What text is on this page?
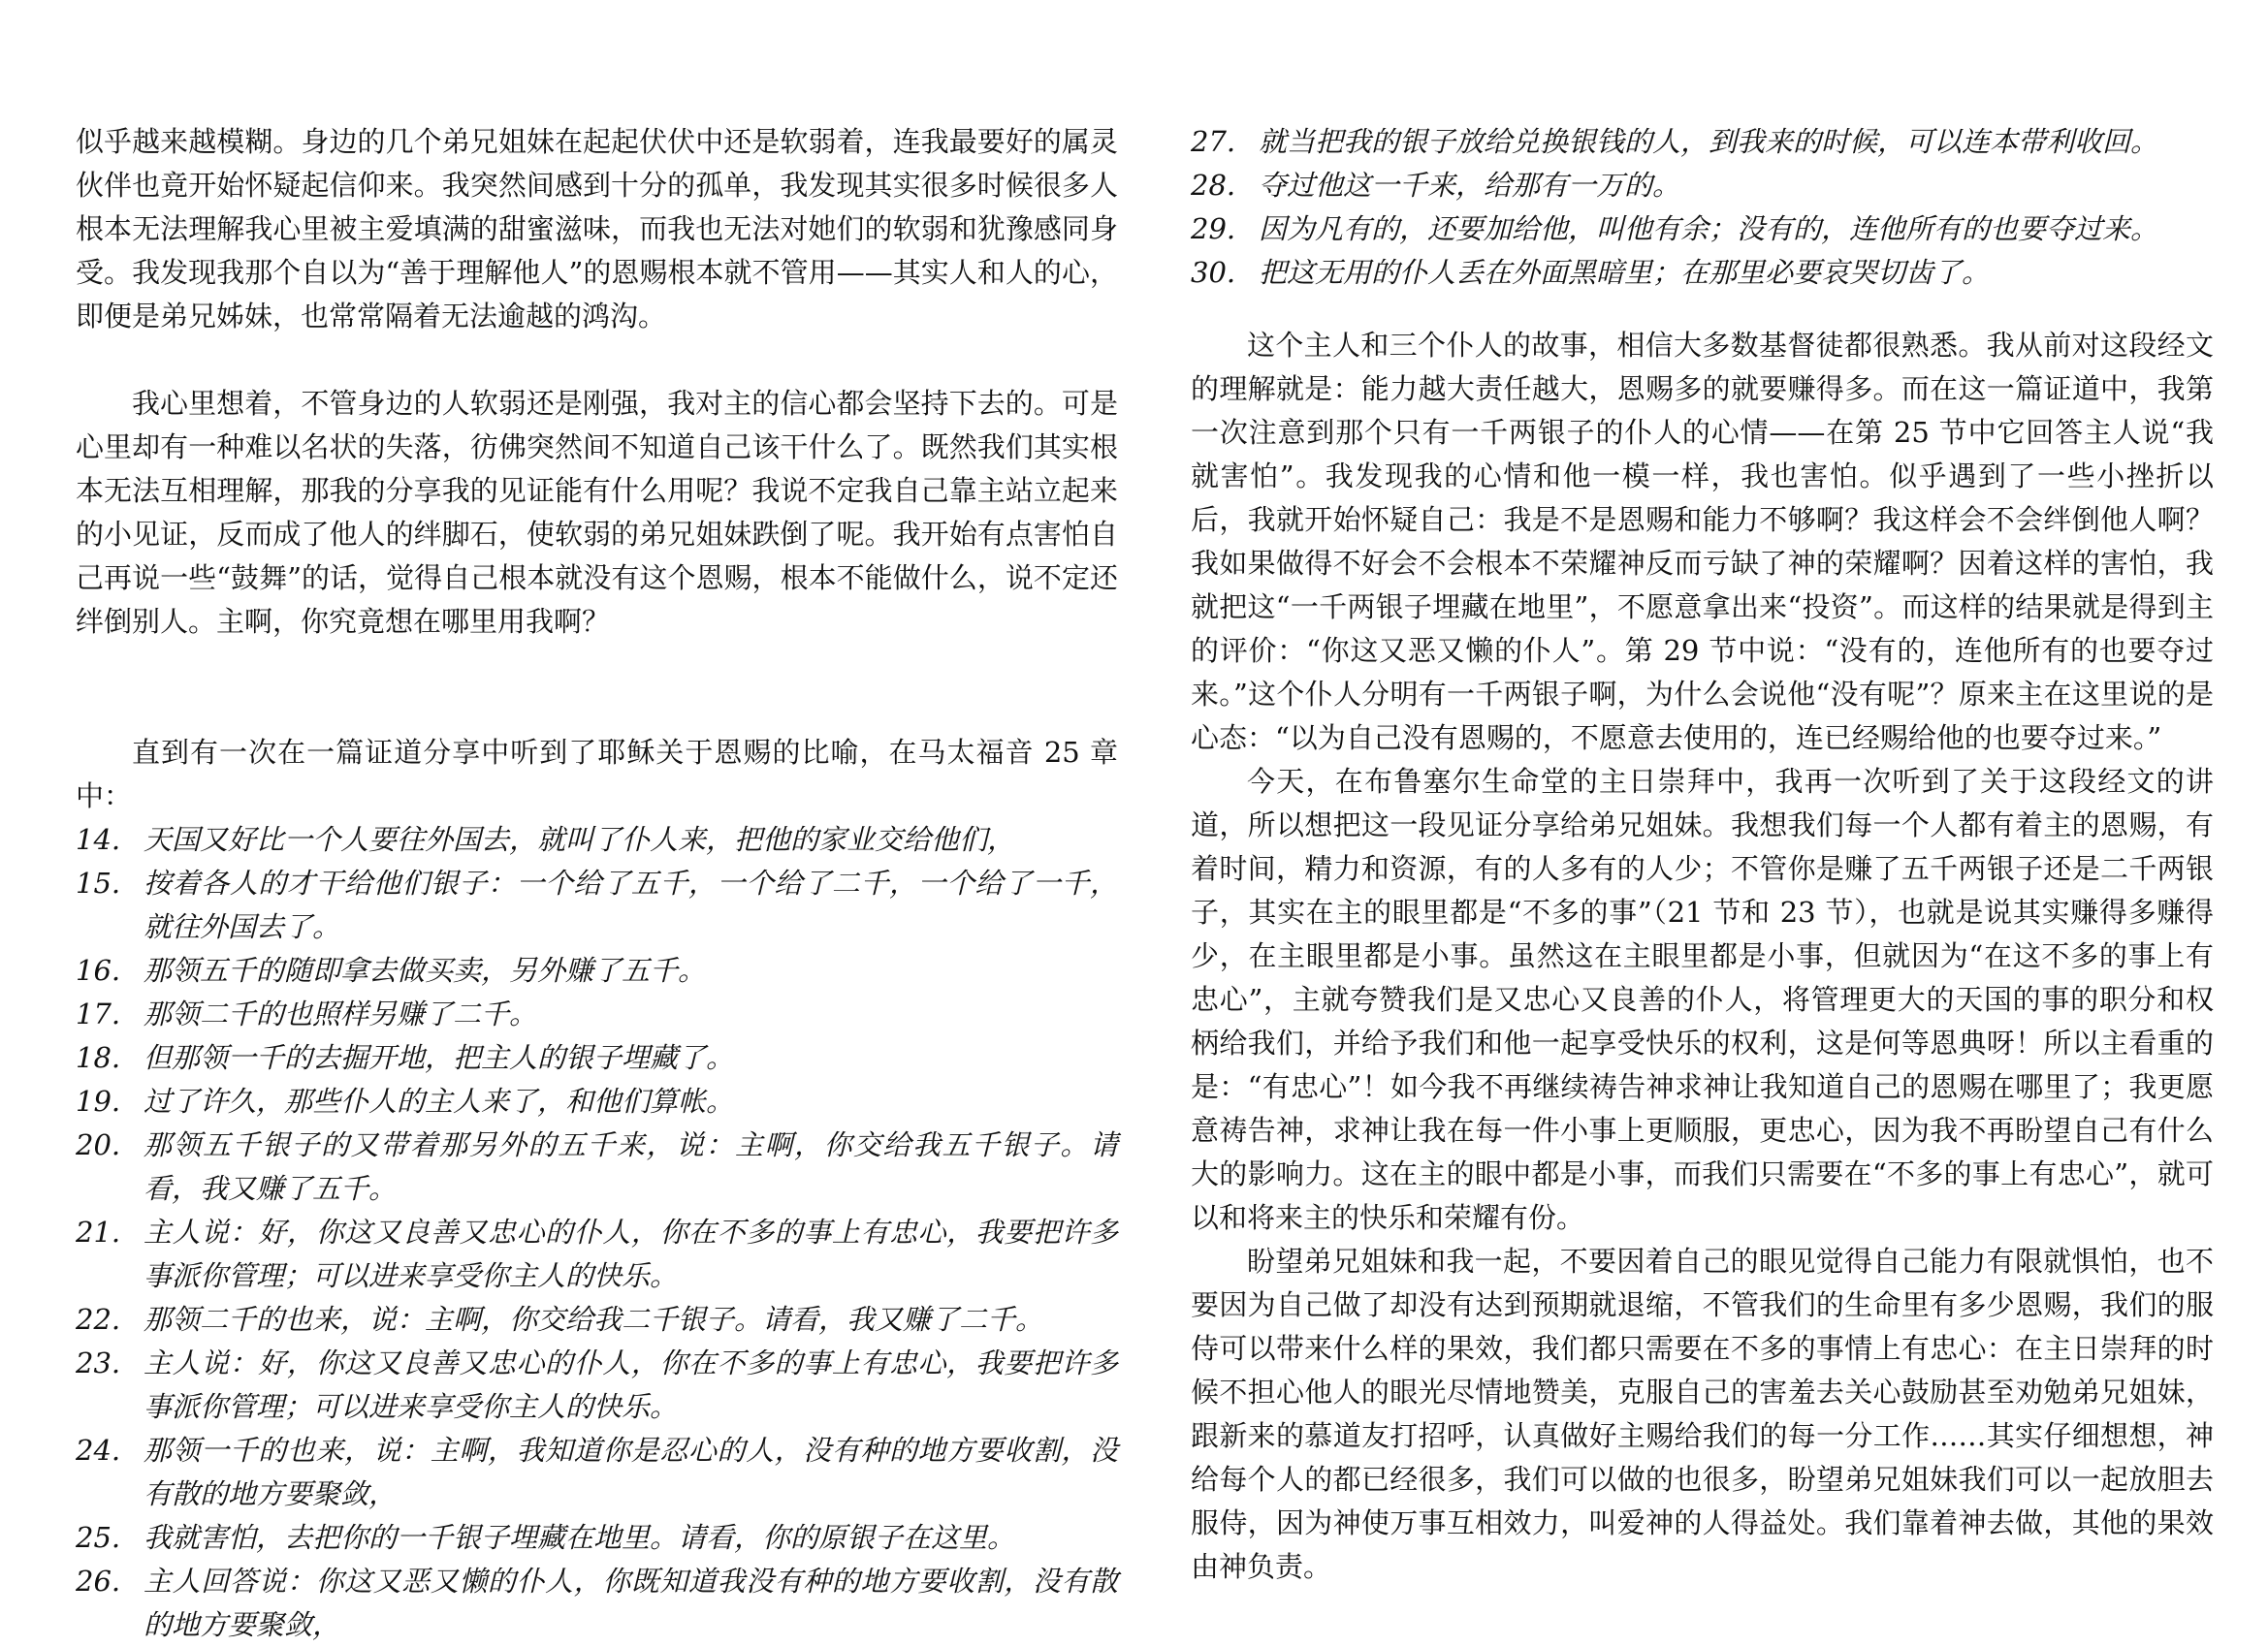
似乎越来越模糊。身边的几个弟兄姐妹在起起伏伏中还是软弱着，连我最要好的属灵伙伴也竟开始怀疑起信仰来。我突然间感到十分的孤单，我发现其实很多时候很多人根本无法理解我心里被主爱填满的甜蜜滋味，而我也无法对她们的软弱和犹豫感同身受。我发现我那个自以为“善于理解他人”的恩赐根本就不管用——其实人和人的心，即便是弟兄姊妹，也常常隔着无法逾越的鸿沟。

我心里想着，不管身边的人软弱还是刚强，我对主的信心都会坚持下去的。可是心里却有一种难以名状的失落，彷佛突然间不知道自己该干什么了。既然我们其实根本无法互相理解，那我的分享我的见证能有什么用呢？我说不定我自己靠主站立起来的小见证，反而成了他人的绊脚石，使软弱的弟兄姐妹跌倒了呢。我开始有点害怕自己再说一些“鼓舞”的话，觉得自己根本就没有这个恩赐，根本不能做什么，说不定还绊倒别人。主啊，你究竟想在哪里用我啊？

直到有一次在一篇证道分享中听到了耶稣关于恩赐的比喻，在马太福音 25 章中：

14. 天国又好比一个人要往外国去，就叫了仆人来，把他的家业交给他们，
15. 按着各人的才干给他们银子：一个给了五千，一个给了二千，一个给了一千，就往外国去了。
16. 那领五千的随即拿去做买卖，另外赚了五千。
17. 那领二千的也照样另赚了二千。
18. 但那领一千的去掘开地，把主人的银子埋藏了。
19. 过了许久，那些仆人的主人来了，和他们算帐。
20. 那领五千银子的又带着那另外的五千来，说：主啊，你交给我五千银子。请看，我又赚了五千。
21. 主人说：好，你这又良善又忠心的仆人，你在不多的事上有忠心，我要把许多事派你管理；可以进来享受你主人的快乐。
22. 那领二千的也来，说：主啊，你交给我二千银子。请看，我又赚了二千。
23. 主人说：好，你这又良善又忠心的仆人，你在不多的事上有忠心，我要把许多事派你管理；可以进来享受你主人的快乐。
24. 那领一千的也来，说：主啊，我知道你是忍心的人，没有种的地方要收割，没有散的地方要聚敛，
25. 我就害怕，去把你的一千银子埋藏在地里。请看，你的原银子在这里。
26. 主人回答说：你这又恶又懒的仆人，你既知道我没有种的地方要收割，没有散的地方要聚敛，
27. 就当把我的银子放给兑换银钱的人，到我来的时候，可以连本带利收回。
28. 夺过他这一千来，给那有一万的。
29. 因为凡有的，还要加给他，叫他有余；没有的，连他所有的也要夺过来。
30. 把这无用的仆人丢在外面黑暗里；在那里必要哀哭切齿了。

这个主人和三个仆人的故事，相信大多数基督徒都很熟悉。我从前对这段经文的理解就是：能力越大责任越大，恩赐多的就要赚得多。而在这一篇证道中，我第一次注意到那个只有一千两银子的仆人的心情——在第 25 节中它回答主人说“我就害怕”。我发现我的心情和他一模一样，我也害怕。似乎遇到了一些小挫折以后，我就开始怀疑自己：我是不是恩赐和能力不够啊？我这样会不会绊倒他人啊？我如果做得不好会不会根本不荣耀神反而亏缺了神的荣耀啊？因着这样的害怕，我就把这“一千两银子埋藏在地里”，不愿意拿出来“投资”。而这样的结果就是得到主的评价：“你这又恶又懒的仆人”。第 29 节中说：“没有的，连他所有的也要夺过来。”这个仆人分明有一千两银子啊，为什么会说他“没有呢”？原来主在这里说的是心态：“以为自己没有恩赐的，不愿意去使用的，连已经赐给他的也要夺过来。”

今天，在布鲁塞尔生命堂的主日崇拜中，我再一次听到了关于这段经文的讲道，所以想把这一段见证分享给弟兄姐妹。我想我们每一个人都有着主的恩赐，有着时间，精力和资源，有的人多有的人少；不管你是赚了五千两银子还是二千两银子，其实在主的眼里都是“不多的事”（21 节和 23 节），也就是说其实赚得多赚得少，在主眼里都是小事。虽然这在主眼里都是小事，但就因为“在这不多的事上有忠心”，主就夸赞我们是又忠心又良善的仆人，将管理更大的天国的事的职分和权柄给我们，并给予我们和他一起享受快乐的权利，这是何等恩典呀！所以主看重的是：“有忠心”！如今我不再继续祷告神求神让我知道自己的恩赐在哪里了；我更愿意祷告神，求神让我在每一件小事上更顺服，更忠心，因为我不再盼望自己有什么大的影响力。这在主的眼中都是小事，而我们只需要在“不多的事上有忠心”，就可以和将来主的快乐和荣耀有份。

盼望弟兄姐妹和我一起，不要因着自己的眼见觉得自己能力有限就惧怕，也不要因为自己做了却没有达到预期就退缩，不管我们的生命里有多少恩赐，我们的服侍可以带来什么样的果效，我们都只需要在不多的事情上有忠心：在主日崇拜的时候不担心他人的眼光尽情地赞美，克服自己的害羞去关心鼓励甚至劝勉弟兄姐妹，跟新来的慕道友打招呼，认真做好主赐给我们的每一分工作……其实仔细想想，神给每个人的都已经很多，我们可以做的也很多，盼望弟兄姐妹我们可以一起放胆去服侍，因为神使万事互相效力，叫爱神的人得益处。我们靠着神去做，其他的果效由神负责。
